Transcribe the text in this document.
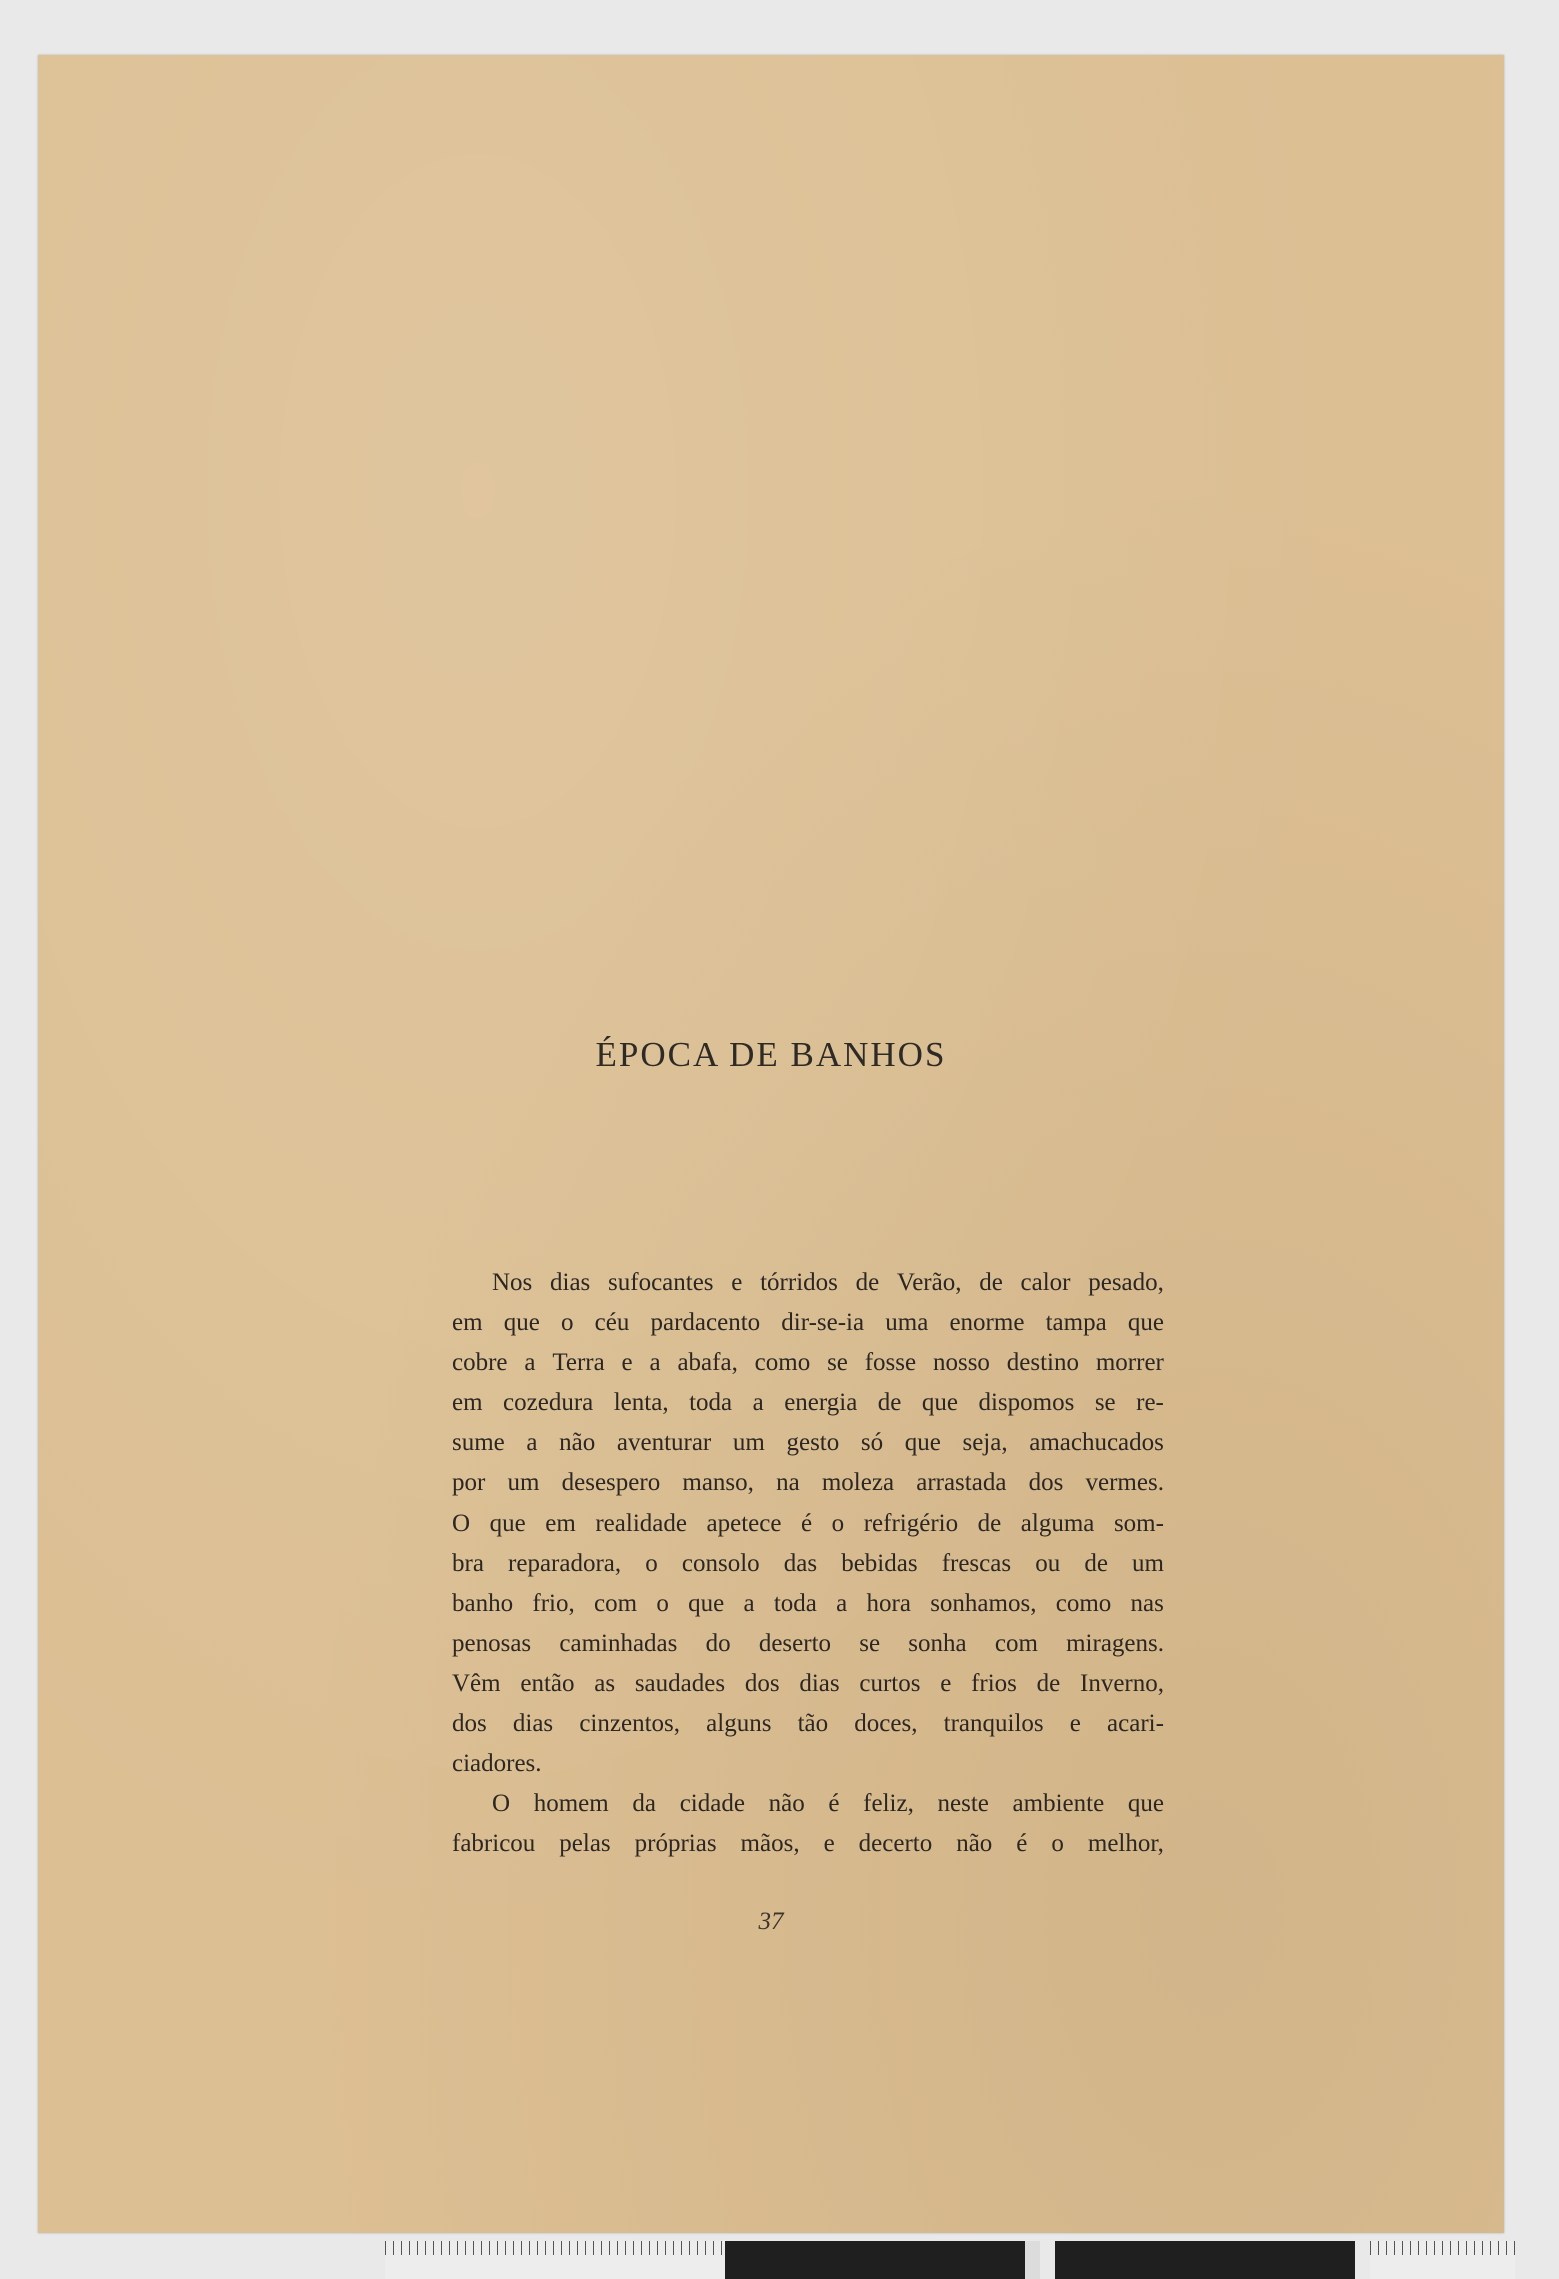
ÉPOCA DE BANHOS
Nos dias sufocantes e tórridos de Verão, de calor pesado,
em que o céu pardacento dir-se-ia uma enorme tampa que
cobre a Terra e a abafa, como se fosse nosso destino morrer
em cozedura lenta, toda a energia de que dispomos se re-
sume a não aventurar um gesto só que seja, amachucados
por um desespero manso, na moleza arrastada dos vermes.
O que em realidade apetece é o refrigério de alguma som-
bra reparadora, o consolo das bebidas frescas ou de um
banho frio, com o que a toda a hora sonhamos, como nas
penosas caminhadas do deserto se sonha com miragens.
Vêm então as saudades dos dias curtos e frios de Inverno,
dos dias cinzentos, alguns tão doces, tranquilos e acari-
ciadores.
O homem da cidade não é feliz, neste ambiente que
fabricou pelas próprias mãos, e decerto não é o melhor,
37
